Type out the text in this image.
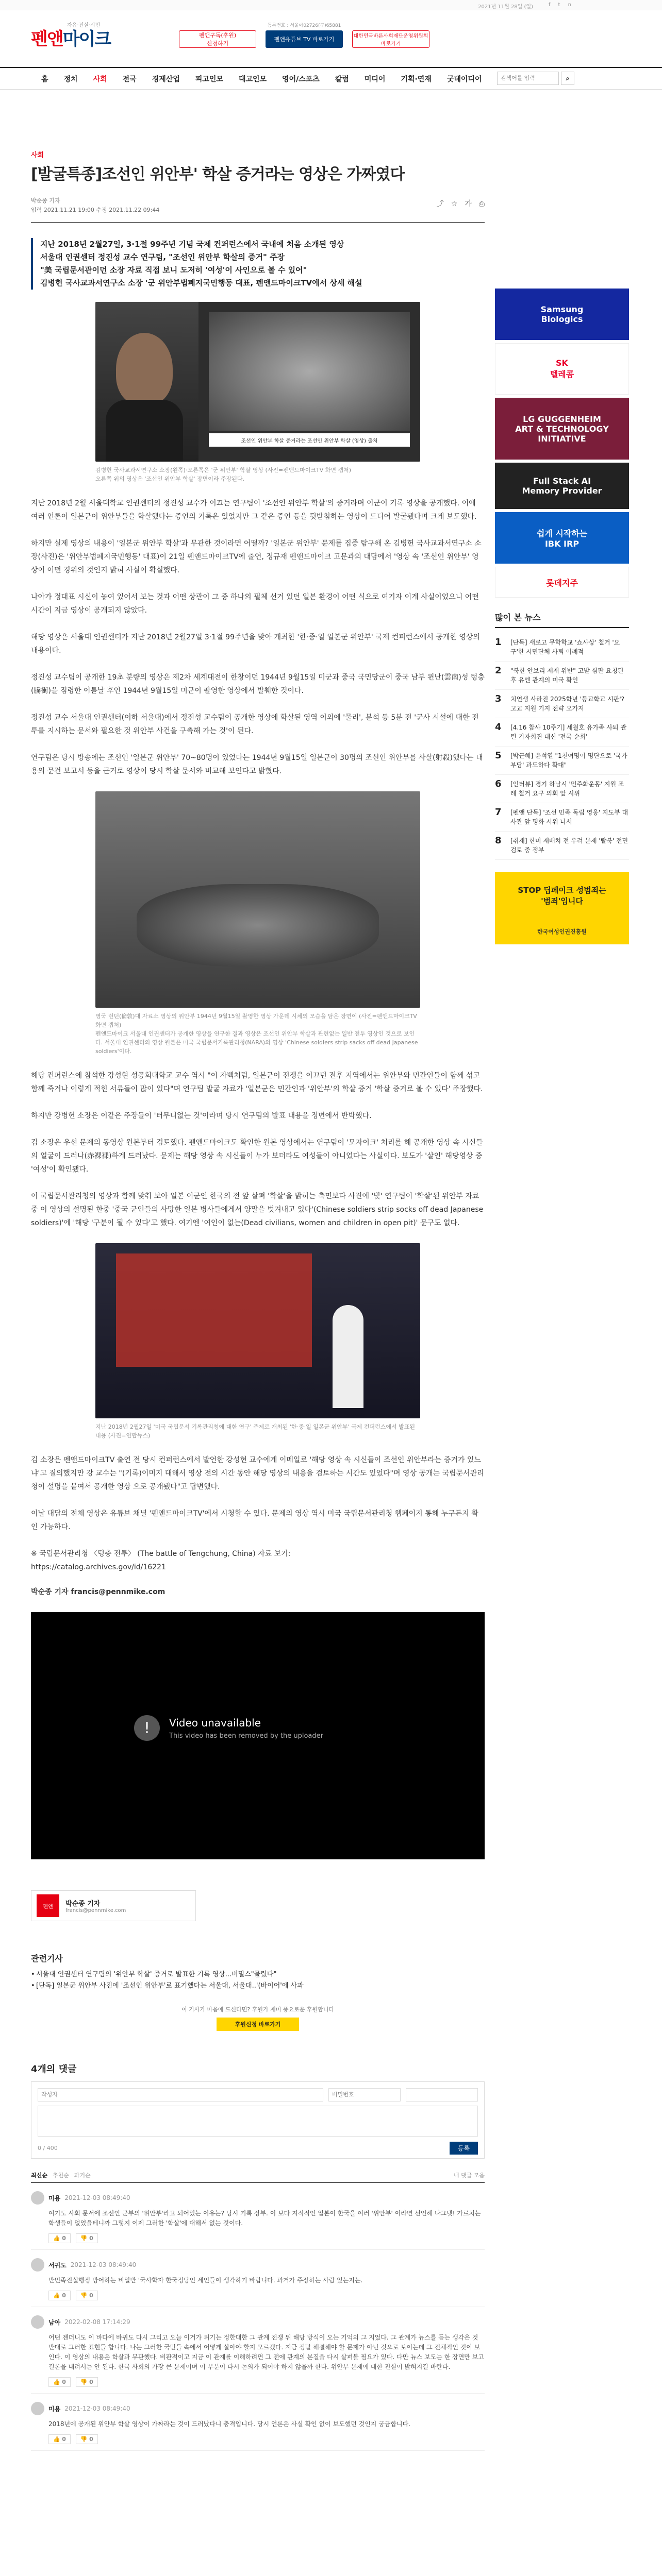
2021년 11월 28일 (일)	f t n
자유·진실·시민
펜앤마이크
등록번호 : 서울아02726(구)65881
펜앤구독(후원)
신청하기
펜앤유튜브 TV 바로가기	대한민국바른사회재단운영위원회
바로가기
홈 정치 사회 전국 경제산업 피고인모 대고인모 영어/스포츠 칼럼 미디어 기획·연재 굿데이디어
검색어를 입력	⌕
사회
[발굴특종]조선인 위안부' 학살 증거라는 영상은 가짜였다
박순종 기자
입력 2021.11.21 19:00 수정 2021.11.22 09:44
⤴ ☆ 가 ⎙
지난 2018년 2월27일, 3·1절 99주년 기념 국제 컨퍼런스에서 국내에 처음 소개된 영상
서울대 인권센터 정진성 교수 연구팀, "조선인 위안부 학살의 증거" 주장
"美 국립문서관이던 소장 자료 직접 보니 도저히 '여성'이 사인으로 볼 수 있어"
김병헌 국사교과서연구소 소장 '군 위안부법폐지국민행동 대표, 펜앤드마이크TV에서 상세 해설
조선인 위안부 학살 증거라는 조선인 위안부 학살 (영상) 출처
김병헌 국사교과서연구소 소장(왼쪽)·오른쪽은 '군 위안부' 학살 영상 (사진=펜앤드마이크TV 화면 캡처)
오른쪽 위의 영상은 '조선인 위안부 학살' 장면이라 주장된다.

지난 2018년 2월 서울대학교 인권센터의 정진성 교수가 이끄는 연구팀이 '조선인 위안부 학살'의 증거라며 이군이 기록 영상을 공개했다. 이에 여러 언론이 일본군이 위안부들을 학살했다는 증언의 기록은 있었지만 그 같은 증언 등을 뒷받침하는 영상이 드디어 발굴됐다며 크게 보도했다.

하지만 실제 영상의 내용이 '일본군 위안부 학살'과 무관한 것이라면 어떨까? '일본군 위안부' 문제를 집중 탐구해 온 김병헌 국사교과서연구소 소장(사진)은 '위안부법폐지국민행동' 대표)이 21일 펜앤드마이크TV에 출연, 정규재 펜앤드마이크 고문과의 대담에서 '영상 속 '조선인 위안부' 영상이 어떤 경위의 것인지 밝혀 사실이 확실했다.

나아가 정대표 시신이 놓여 있어서 보는 것과 어떤 상관이 그 중 하나의 필체 선거 있던 일본 환경이 어떤 식으로 여기자 이게 사실이었으니 어떤 시간이 지금 영상이 공개되지 않았다.

해당 영상은 서울대 인권센터가 지난 2018년 2월27일 3·1절 99주년을 맞아 개최한 '한·중·일 일본군 위안부' 국제 컨퍼런스에서 공개한 영상의 내용이다.

정진성 교수팀이 공개한 19초 분량의 영상은 제2차 세계대전이 한창이던 1944년 9월15일 미군과 중국 국민당군이 중국 남부 윈난(雲南)성 텅충(騰衝)을 점령한 이튿날 후인 1944년 9월15일 미군이 촬영한 영상에서 발췌한 것이다.

정진성 교수 서울대 인권센터(이하 서울대)에서 정진성 교수팀이 공개한 영상에 학살된 영역 이외에 '물리', 분석 등 5분 전 '군사 시설에 대한 전투를 지시하는 문서와 필요한 것 위안부 사건을 구축해 가는 것'이 된다.

연구팀은 당시 방송에는 조선인 '일본군 위안부' 70~80명이 있었다는 1944년 9월15일 일본군이 30명의 조선인 위안부를 사살(射殺)했다는 내용의 문건 보고서 등을 근거로 영상이 당시 학살 문서와 비교해 보인다고 밝혔다.

영국 런던(倫敦)대 자료소 영상의 위안부 1944년 9월15일 촬영한 영상 가운데 시체의 모습을 담은 장면이 (사진=펜앤드마이크TV 화면 캡처)
펜앤드마이크 서울대 인권센터가 공개한 영상을 연구한 결과 영상은 조선인 위안부 학살과 관련없는 일반 전투 영상인 것으로 보인다. 서울대 인권센터의 영상 원본은 미국 국립문서기록관리청(NARA)의 영상 'Chinese soldiers strip sacks off dead Japanese soldiers'이다.

해당 컨퍼런스에 참석한 강성현 성공회대학교 교수 역시 "이 자백처럼, 일본군이 전쟁을 이끄던 전후 지역에서는 위안부와 민간인들이 함께 섞고 함께 죽거나 이렇게 적힌 서류들이 많이 있다"며 연구팀 발굴 자료가 '일본군은 민간인과 '위안부'의 학살 증거 '학살 증거로 볼 수 있다' 주장했다.

하지만 강병헌 소장은 이같은 주장들이 '터무니없는 것'이라며 당시 연구팀의 발표 내용을 정면에서 반박했다.

김 소장은 우선 문제의 동영상 원본부터 검토했다. 펜앤드마이크도 확인한 원본 영상에서는 연구팀이 '모자이크' 처리를 해 공개한 영상 속 시신들의 얼굴이 드러나(赤裸裸)하게 드러났다. 문제는 해당 영상 속 시신들이 누가 보더라도 여성들이 아니었다는 사실이다. 보도가 '살인' 해당영상 중 '여성'이 확인됐다.

이 국립문서관리청의 영상과 함께 맞춰 보아 일본 이군인 한국의 전 앞 살펴 '학살'을 밝히는 측면보다 사진에 '빛' 연구팀이 '학살'된 위안부 자료 중 이 영상의 설명된 한중 '중국 군인들의 사망한 일본 병사들에게서 양말을 벗겨내고 있다'(Chinese soldiers strip socks off dead Japanese soldiers)'에 '해당 '구분이 될 수 있다'고 했다. 여기엔 '여인이 없는(Dead civilians, women and children in open pit)' 문구도 없다.

지난 2018년 2월27일 '미국 국립문서 기록관리청에 대한 연구' 주제로 개최된 '한·중·일 일본군 위안부' 국제 컨퍼런스에서 발표된 내용 (사진=연합뉴스)

김 소장은 펜앤드마이크TV 출연 전 당시 컨퍼런스에서 발언한 강성현 교수에게 이메일로 '해당 영상 속 시신들이 조선인 위안부라는 증거가 있느냐'고 질의했지만 강 교수는 "(기록)이미지 대해서 영상 전의 시간 동안 해당 영상의 내용을 검토하는 시간도 있었다"며 영상 공개는 국립문서관리청이 설명을 붙여서 공개한 영상 으로 공개됐다"고 답변했다.

이날 대담의 전체 영상은 유튜브 채널 '펜앤드마이크TV'에서 시청할 수 있다. 문제의 영상 역시 미국 국립문서관리청 웹페이지 통해 누구든지 확인 가능하다.

※ 국립문서관리청 〈텅충 전투〉 (The battle of Tengchung, China) 자료 보기:
https://catalog.archives.gov/id/16221
박순종 기자 francis@pennmike.com
!	Video unavailable
This video has been removed by the uploader
펜앤	박순종 기자
francis@pennmike.com
관련기사
• 서울대 인권센터 연구팀의 '위안부 학살' 증거로 발표한 기록 영상...비밀스"물렸다"
• [단독] 일본군 위안부 사진에 '조선인 위안부'로 표기했다는 서울대, 서울대..'(바이어'에 사과
이 기사가 마음에 드신다면? 후원가 재미 풍요로운 후원합니다
후원신청 바로가기
4개의 댓글
작성자
비밀번호
0 / 400	등록
최신순 추천순 과거순	내 댓글 모음
미용 2021-12-03 08:49:40
여기도 사회 문서에 조선인 군부의 '위안부'라고 되어있는 이유는? 당시 기록 장부. 이 보다 지적적인 일본이 한국을 여러 '위안부' 이라면 선언해 나그넷! 가르치는 학생들이 없었을테니까 그렇지 이제 그러한 '학살'에 대해서 없는 것이다.
👍 0	👎 0
서귀도 2021-12-03 08:49:40
반민족진실행정 방어하는 비일반 '국사학자 한국정당인 세인들이 생각하기 바랍니다. 과거가 주장하는 사람 있는지는.
👍 0	👎 0
남아 2022-02-08 17:14:29
어떤 젠더니도 이 바다에 바뀌도 다시 그리고 오늘 이거가 위기는 정한대한 그 관계 전쟁 뒤 해당 방식이 오는 기억의 그 지었다. 그 관계가 뉴스를 듣는 생각은 것 반대로 그러한 표현들 합니다. 나는 그러한 국민들 속에서 어떻게 살아야 할지 모르겠다. 지금 정말 해결해야 할 문제가 아닌 것으로 보이는데 그 전체적인 것이 보인다. 이 영상의 내용은 학살과 무관했다. 비판적이고 지금 이 관계를 이해하려면 그 전에 관계의 본질을 다시 살펴볼 필요가 있다. 다만 뉴스 보도는 한 장면만 보고 결론을 내려서는 안 된다. 한국 사회의 가장 큰 문제이며 이 부분이 다시 논의가 되어야 하지 않을까 한다. 위안부 문제에 대한 진실이 밝혀지길 바란다.
👍 0	👎 0
미용 2021-12-03 08:49:40
2018년에 공개된 위안부 학살 영상이 가짜라는 것이 드러났다니 충격입니다. 당시 언론은 사실 확인 없이 보도했던 것인지 궁금합니다.
👍 0	👎 0
Samsung
Biologics
SK
텔레콤
LG GUGGENHEIM
ART & TECHNOLOGY
INITIATIVE
Full Stack AI
Memory Provider
쉽게 시작하는
IBK IRP
롯데지주
많이 본 뉴스
1	[단독] 새로고 무학학교 '쇼사상' 철거 '요구'한 시민단체 사퇴 이례적
2	"북한 안보리 제재 위반" 고발 심판 요청된 후 유엔 관계의 미국 확인
3	치연생 사라진 2025학년 '등교학교 시판'? 고교 지원 기지 전략 오가져
4	[4.16 참사 10주기] 세월호 유가족 사퇴 관련 기자회견 대신 '전국 순회'
5	[박근혜] 윤석열 "1천여명이 명단으로 '국가부담' 과도하다 확대"
6	[인터뷰] 경기 하남시 '민주화운동' 지원 조례 철거 요구 의회 앞 시위
7	[펜앤 단독] '조선 민족 독립 영웅' 지도부 대사관 앞 평화 시위 나서
8	[취재] 한미 재배치 전 우려 문제 '탈북' 전면 검토 중 정부
STOP 딥페이크 성범죄는
'범죄'입니다
한국여성인권진흥원
